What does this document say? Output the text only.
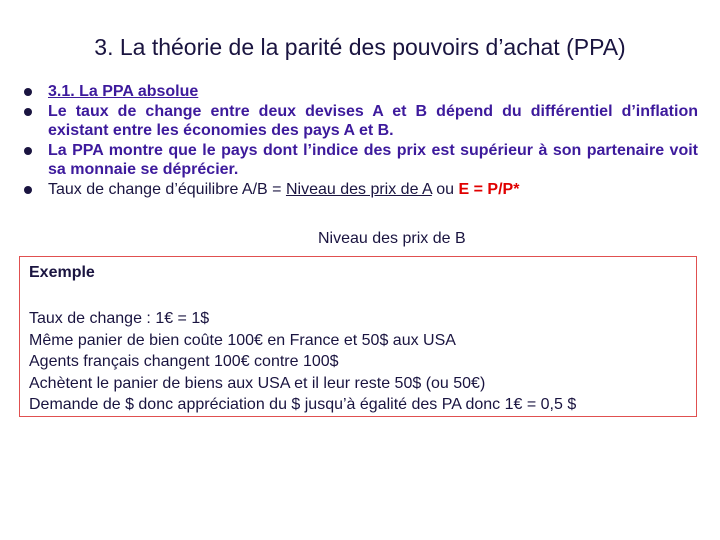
3. La théorie de la parité des pouvoirs d’achat (PPA)
3.1. La PPA absolue
Le taux de change entre deux devises A et B dépend du différentiel d’inflation existant entre les économies des pays A et B.
La PPA montre que le pays dont l’indice des prix est supérieur à son partenaire voit sa monnaie se déprécier.
Taux de change d’équilibre A/B = Niveau des prix de A ou E = P/P*
Niveau des prix de B
Exemple
Taux de change : 1€ = 1$
Même panier de bien coûte 100€ en France et 50$ aux USA
Agents français changent 100€ contre 100$
Achètent le panier de biens aux USA et il leur reste 50$ (ou 50€)
Demande de $ donc appréciation du $ jusqu’à égalité des PA donc 1€ = 0,5 $
